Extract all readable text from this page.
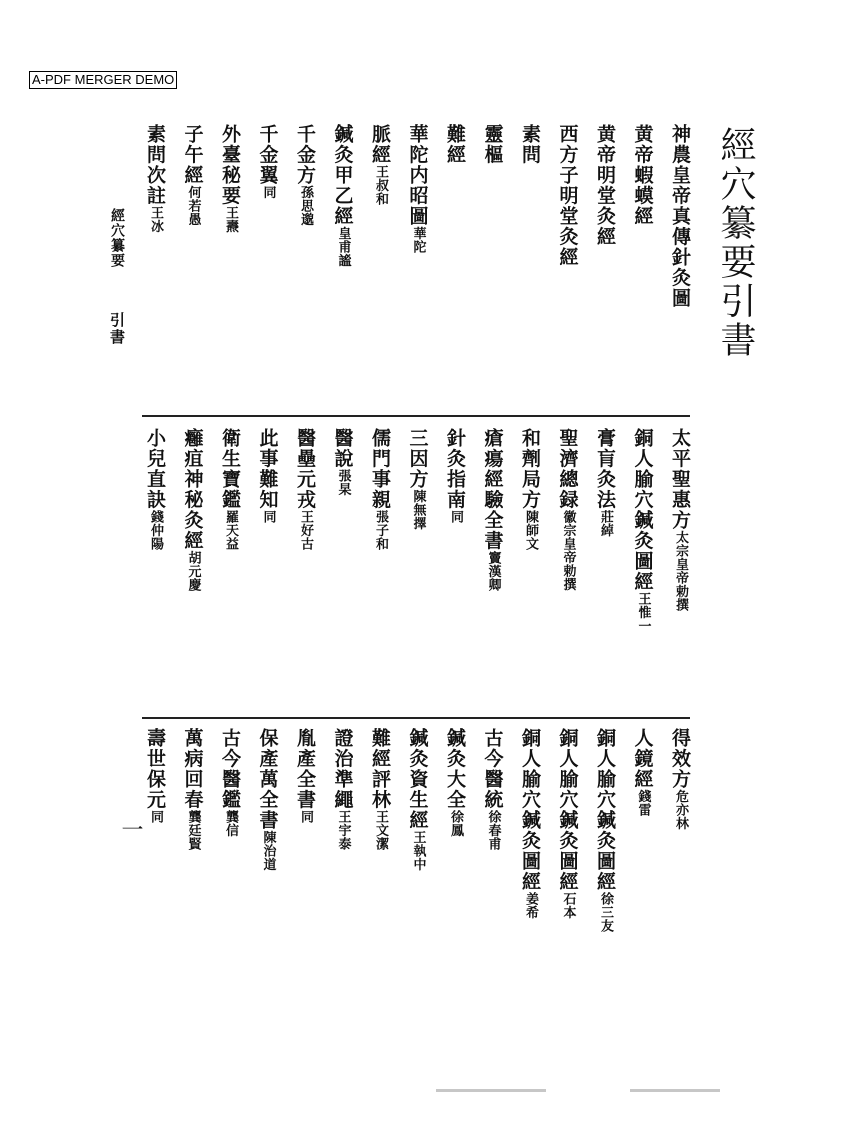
A-PDF MERGER DEMO
經穴纂要引書
神農皇帝真傳針灸圖
黄帝蝦蟆經
黄帝明堂灸經
西方子明堂灸經
素問
靈樞
難經
華陀内昭圖華陀
脈經王叔和
鍼灸甲乙經皇甫謐
千金方孫思邈
千金翼同
外臺秘要王燾
子午經何若愚
素問次註王冰
太平聖惠方太宗皇帝勅撰
銅人腧穴鍼灸圖經王惟一
膏肓灸法莊綽
聖濟總録徽宗皇帝勅撰
和劑局方陳師文
瘡瘍經驗全書竇漢卿
針灸指南同
三因方陳無擇
儒門事親張子和
醫說張杲
醫壘元戎王好古
此事難知同
衛生寶鑑羅天益
癰疽神秘灸經胡元慶
小兒直訣錢仲陽
得效方危亦林
人鏡經錢雷
銅人腧穴鍼灸圖經徐三友
銅人腧穴鍼灸圖經石本
銅人腧穴鍼灸圖經姜希
古今醫統徐春甫
鍼灸大全徐鳳
鍼灸資生經王執中
難經評林王文潔
證治準繩王宇泰
胤產全書同
保產萬全書陳治道
古今醫鑑龔信
萬病回春龔廷賢
壽世保元同
經穴纂要
引書
一
